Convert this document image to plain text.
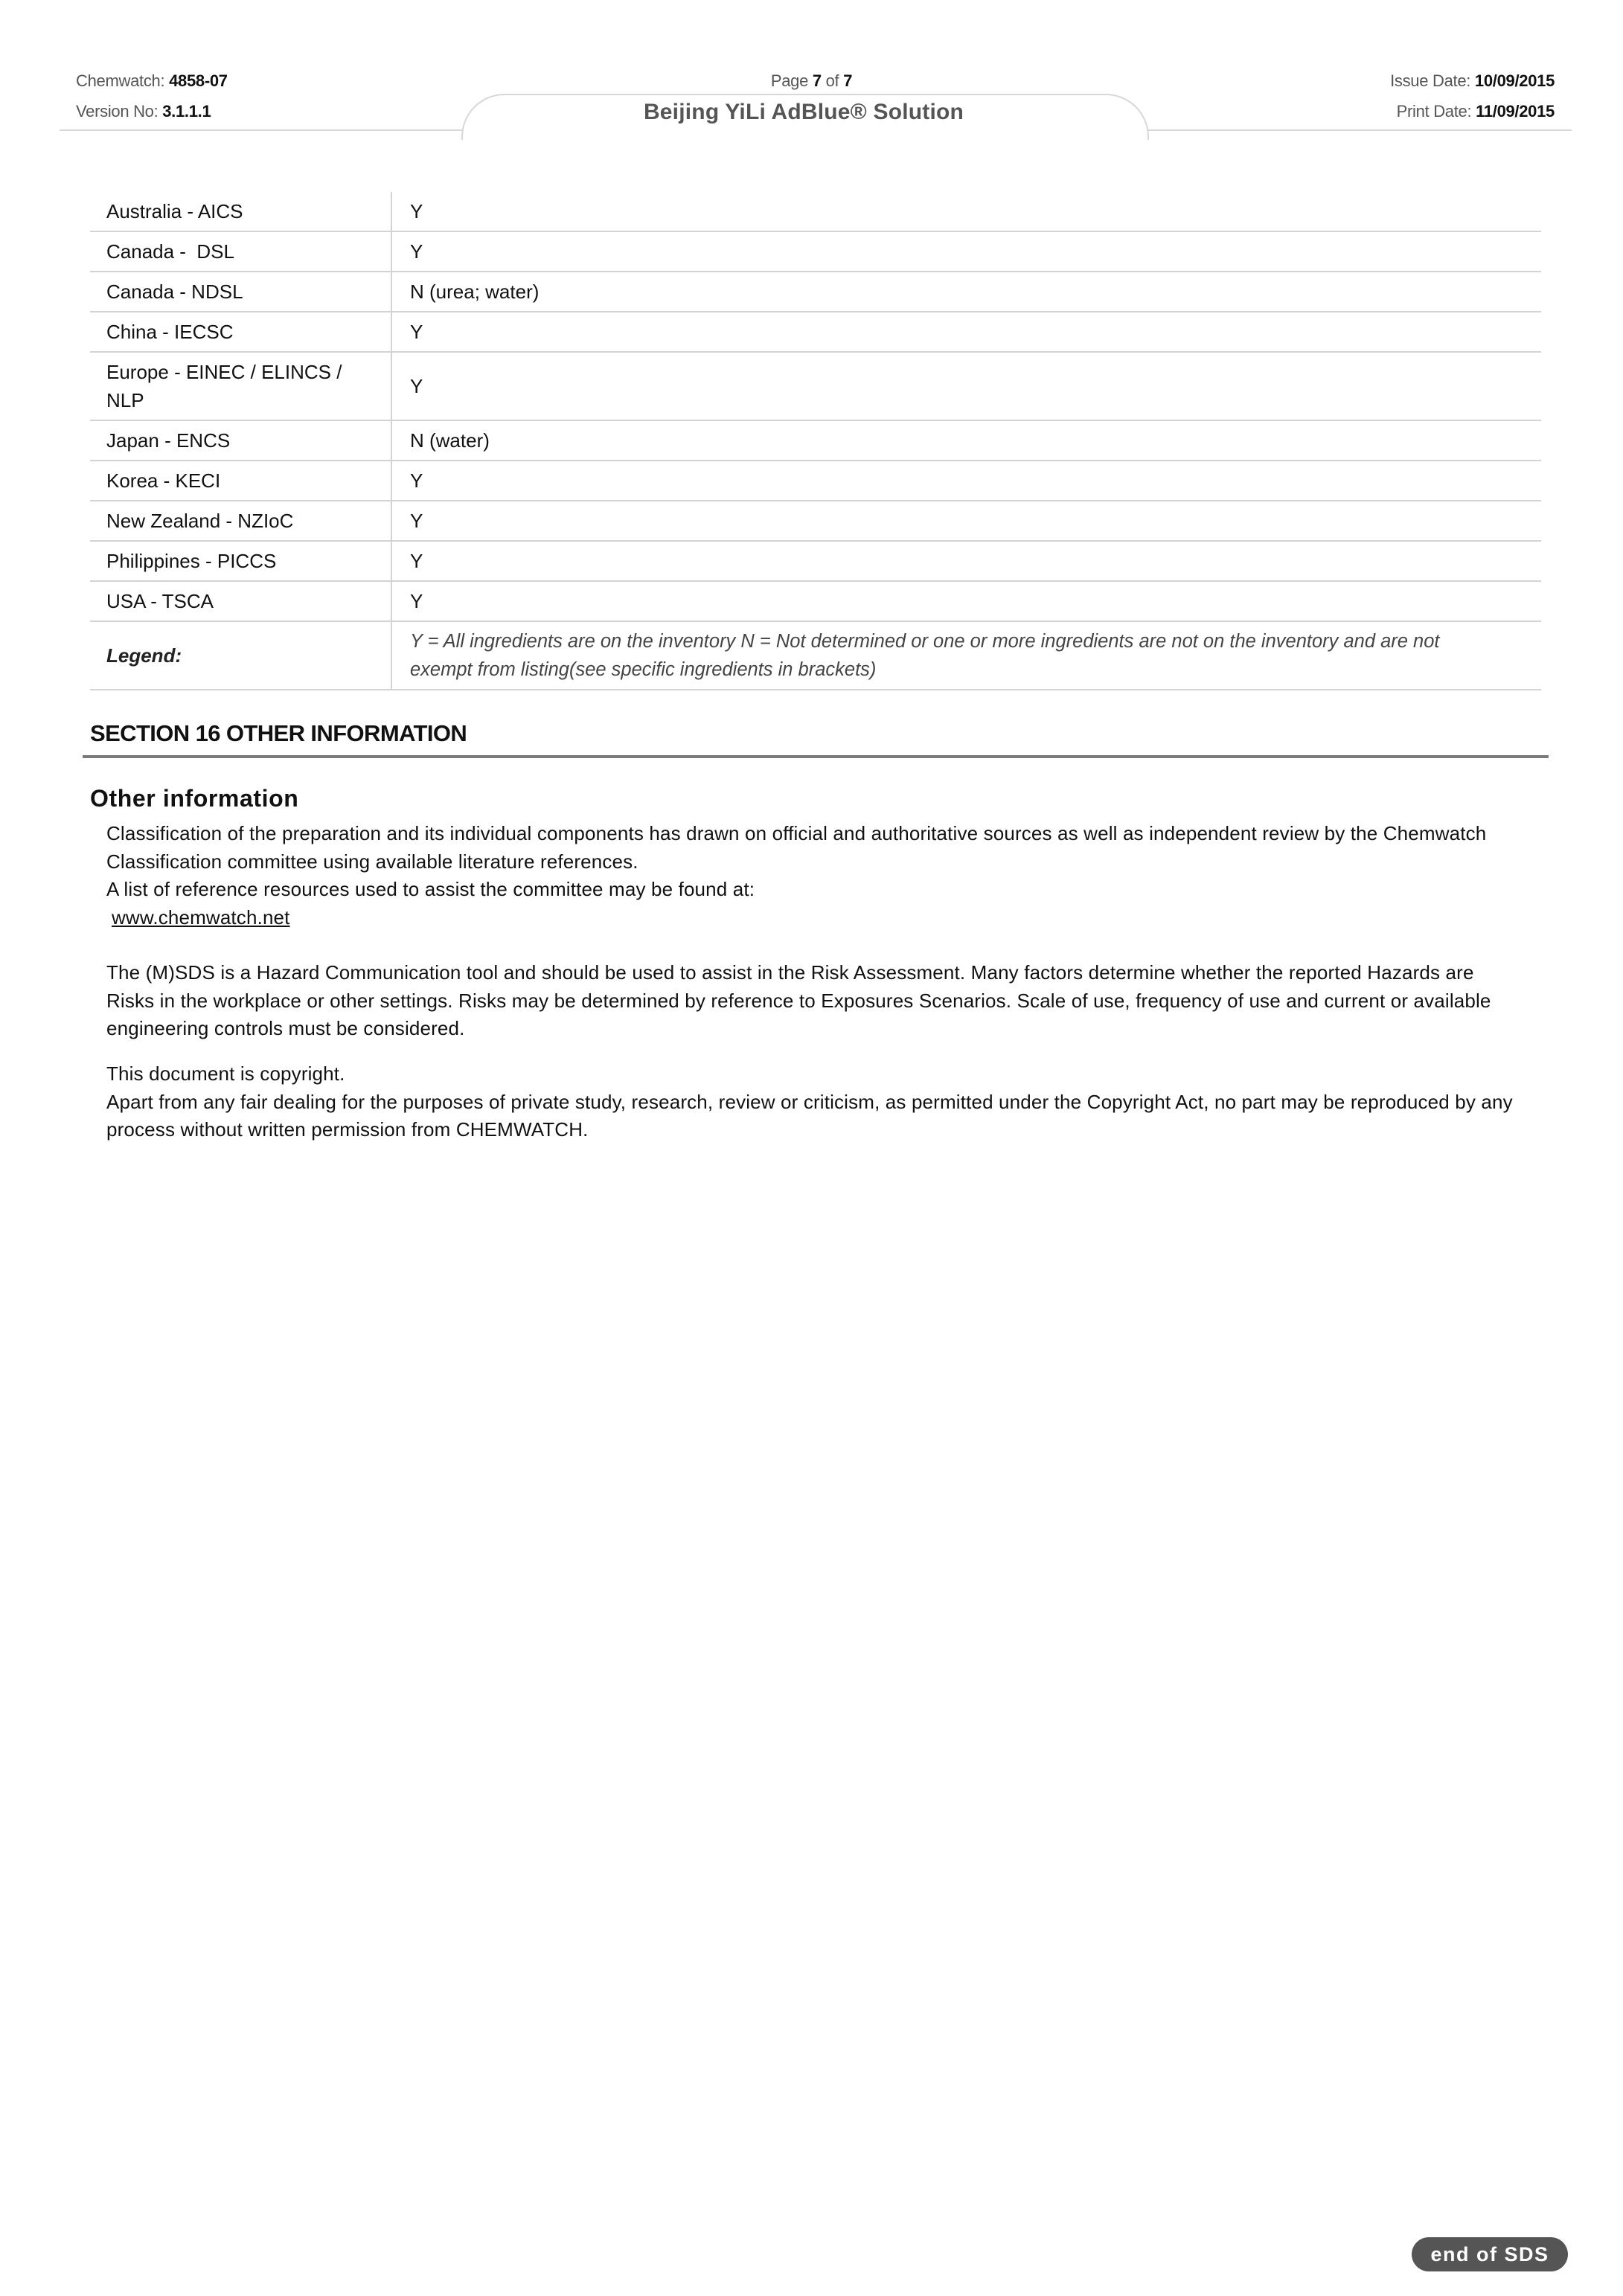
Chemwatch: 4858-07
Version No: 3.1.1.1
Page 7 of 7	Issue Date: 10/09/2015
Print Date: 11/09/2015
Beijing YiLi AdBlue® Solution
Australia - AICS	Y
Canada -  DSL	Y
Canada - NDSL	N (urea; water)
China - IECSC	Y
Europe - EINEC / ELINCS / NLP	Y
Japan - ENCS	N (water)
Korea - KECI	Y
New Zealand - NZIoC	Y
Philippines - PICCS	Y
USA - TSCA	Y
Legend:	Y = All ingredients are on the inventory N = Not determined or one or more ingredients are not on the inventory and are not exempt from listing(see specific ingredients in brackets)
SECTION 16 OTHER INFORMATION
Other information
Classification of the preparation and its individual components has drawn on official and authoritative sources as well as independent review by the Chemwatch Classification committee using available literature references.
A list of reference resources used to assist the committee may be found at:
www.chemwatch.net
The (M)SDS is a Hazard Communication tool and should be used to assist in the Risk Assessment. Many factors determine whether the reported Hazards are Risks in the workplace or other settings. Risks may be determined by reference to Exposures Scenarios. Scale of use, frequency of use and current or available engineering controls must be considered.
This document is copyright.
Apart from any fair dealing for the purposes of private study, research, review or criticism, as permitted under the Copyright Act, no part may be reproduced by any process without written permission from CHEMWATCH.
end of SDS
